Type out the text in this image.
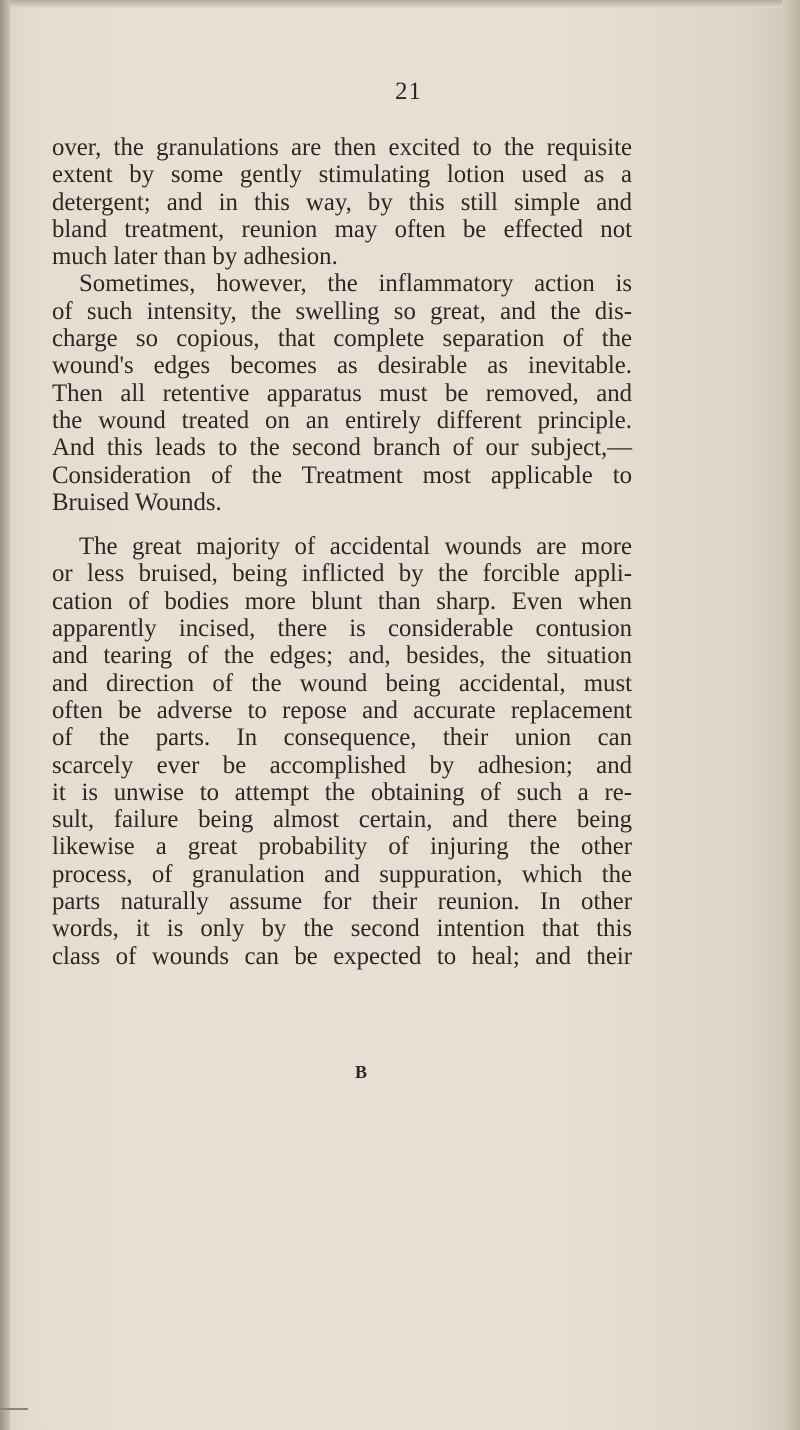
21
over, the granulations are then excited to the requisite
extent by some gently stimulating lotion used as a
detergent; and in this way, by this still simple and
bland treatment, reunion may often be effected not
much later than by adhesion.
Sometimes, however, the inflammatory action is
of such intensity, the swelling so great, and the dis-
charge so copious, that complete separation of the
wound's edges becomes as desirable as inevitable.
Then all retentive apparatus must be removed, and
the wound treated on an entirely different principle.
And this leads to the second branch of our subject,—
Consideration of the Treatment most applicable to
Bruised Wounds.
The great majority of accidental wounds are more
or less bruised, being inflicted by the forcible appli-
cation of bodies more blunt than sharp. Even when
apparently incised, there is considerable contusion
and tearing of the edges; and, besides, the situation
and direction of the wound being accidental, must
often be adverse to repose and accurate replacement
of the parts. In consequence, their union can
scarcely ever be accomplished by adhesion; and
it is unwise to attempt the obtaining of such a re-
sult, failure being almost certain, and there being
likewise a great probability of injuring the other
process, of granulation and suppuration, which the
parts naturally assume for their reunion. In other
words, it is only by the second intention that this
class of wounds can be expected to heal; and their
B
